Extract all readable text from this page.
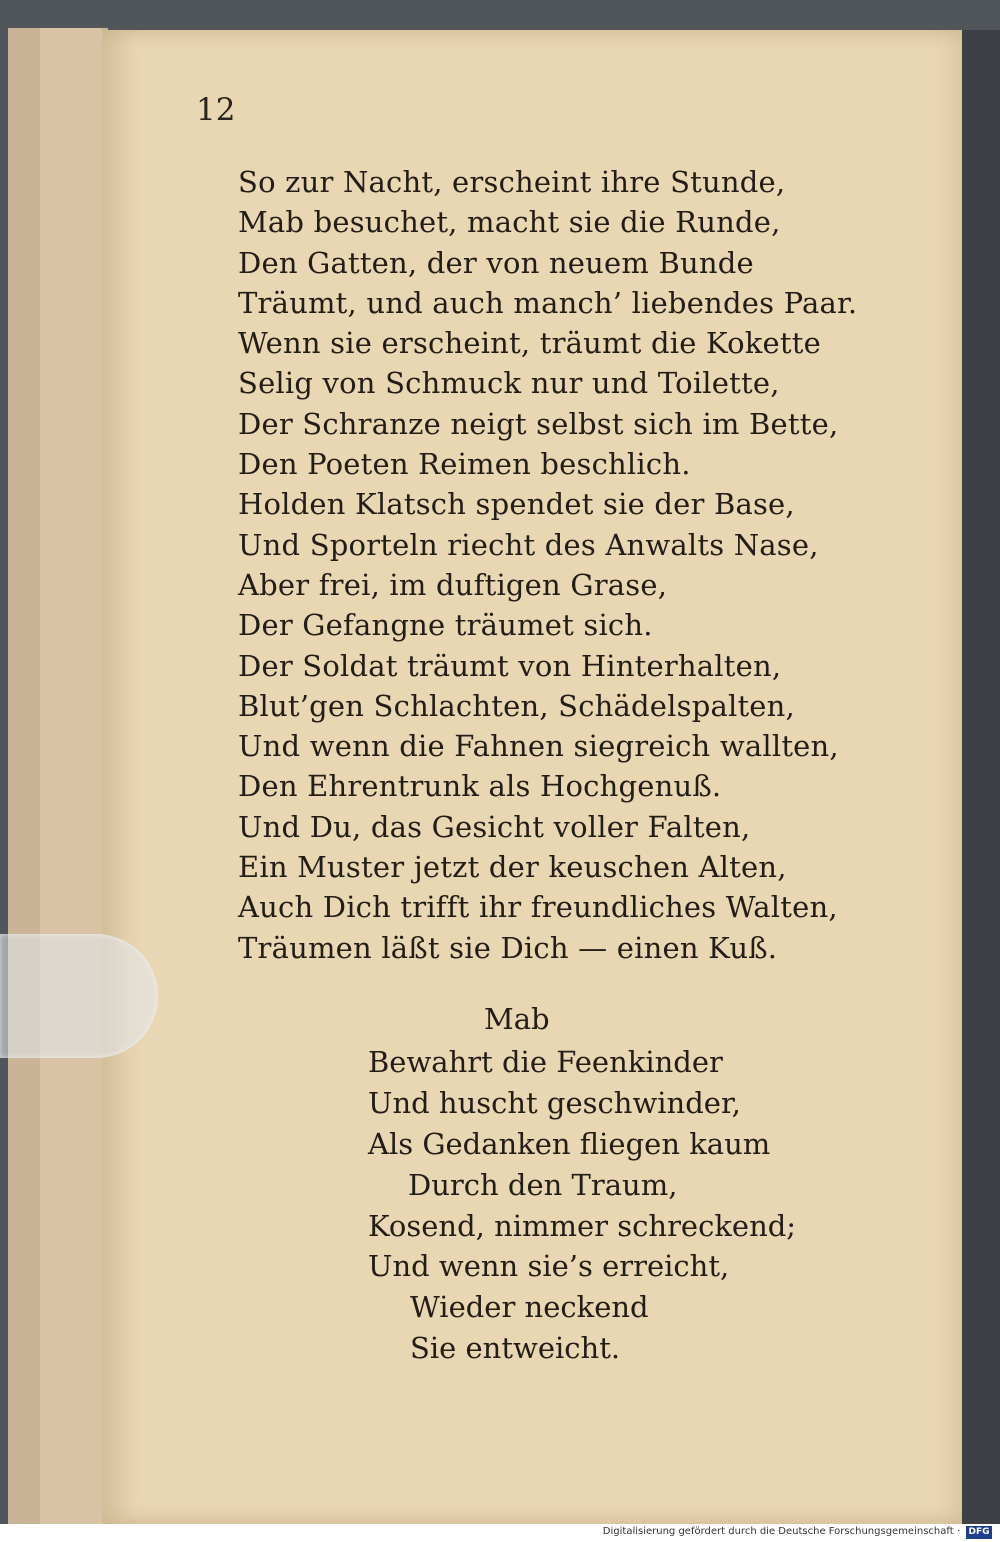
12
So zur Nacht, erscheint ihre Stunde,
Mab besuchet, macht sie die Runde,
Den Gatten, der von neuem Bunde
Träumt, und auch manch’ liebendes Paar.
Wenn sie erscheint, träumt die Kokette
Selig von Schmuck nur und Toilette,
Der Schranze neigt selbst sich im Bette,
Den Poeten Reimen beschlich.
Holden Klatsch spendet sie der Base,
Und Sporteln riecht des Anwalts Nase,
Aber frei, im duftigen Grase,
Der Gefangne träumet sich.
Der Soldat träumt von Hinterhalten,
Blut’gen Schlachten, Schädelspalten,
Und wenn die Fahnen siegreich wallten,
Den Ehrentrunk als Hochgenuß.
Und Du, das Gesicht voller Falten,
Ein Muster jetzt der keuschen Alten,
Auch Dich trifft ihr freundliches Walten,
Träumen läßt sie Dich — einen Kuß.
Mab
Bewahrt die Feenkinder
Und huscht geschwinder,
Als Gedanken fliegen kaum
Durch den Traum,
Kosend, nimmer schreckend;
Und wenn sie’s erreicht,
Wieder neckend
Sie entweicht.
Digitalisierung gefördert durch die Deutsche Forschungsgemeinschaft · DFG
